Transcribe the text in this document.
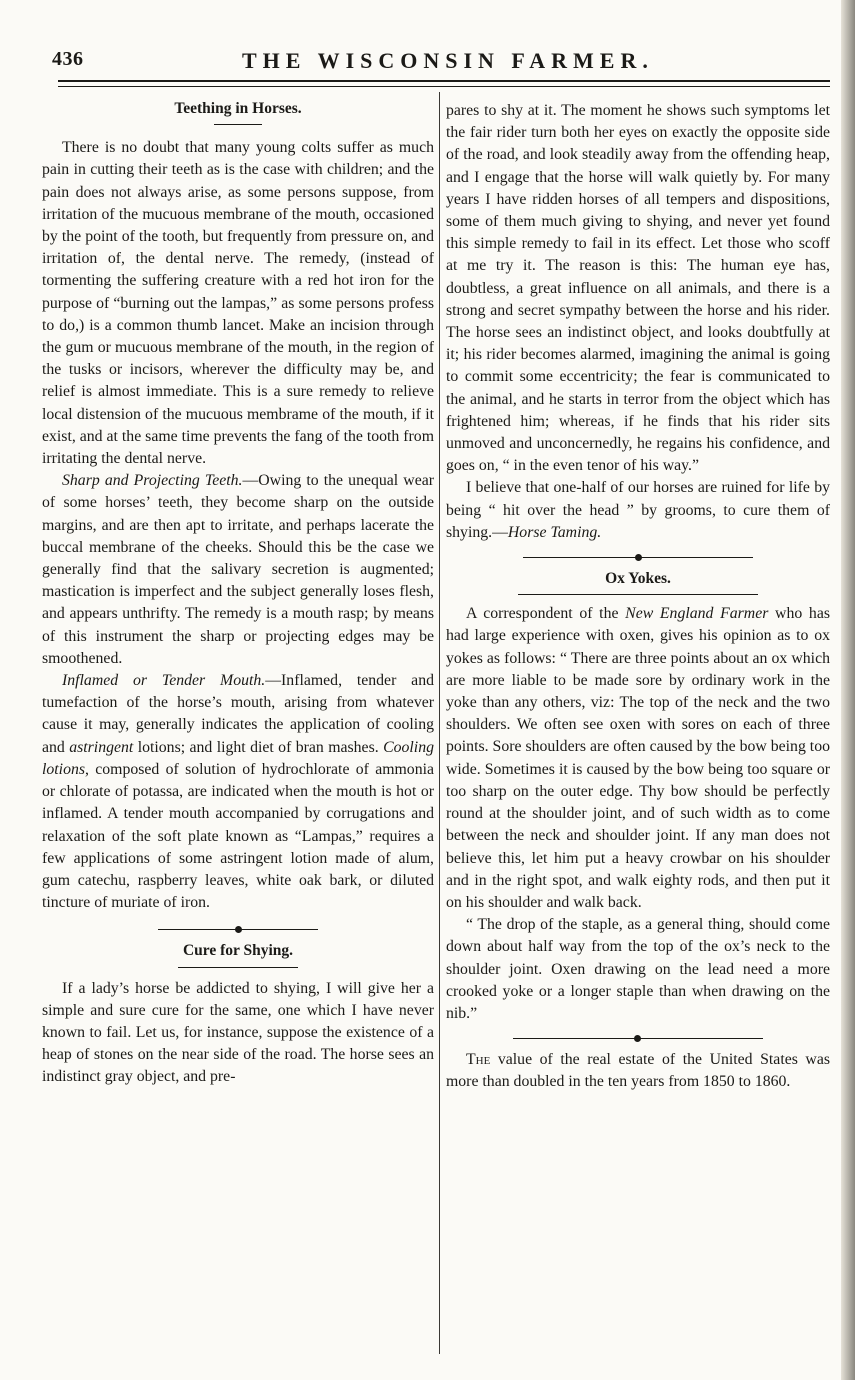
436	THE WISCONSIN FARMER.
Teething in Horses.

There is no doubt that many young colts suffer as much pain in cutting their teeth as is the case with children; and the pain does not always arise, as some persons suppose, from irritation of the mucuous membrane of the mouth, occasioned by the point of the tooth, but frequently from pressure on, and irritation of, the dental nerve. The remedy, (instead of tormenting the suffering creature with a red hot iron for the purpose of “burning out the lampas,” as some persons profess to do,) is a common thumb lancet. Make an incision through the gum or mucuous membrane of the mouth, in the region of the tusks or incisors, wherever the difficulty may be, and relief is almost immediate. This is a sure remedy to relieve local distension of the mucuous membrame of the mouth, if it exist, and at the same time prevents the fang of the tooth from irritating the dental nerve.

Sharp and Projecting Teeth.—Owing to the unequal wear of some horses’ teeth, they become sharp on the outside margins, and are then apt to irritate, and perhaps lacerate the buccal membrane of the cheeks. Should this be the case we generally find that the salivary secretion is augmented; mastication is imperfect and the subject generally loses flesh, and appears unthrifty. The remedy is a mouth rasp; by means of this instrument the sharp or projecting edges may be smoothened.

Inflamed or Tender Mouth.—Inflamed, tender and tumefaction of the horse’s mouth, arising from whatever cause it may, generally indicates the application of cooling and astringent lotions; and light diet of bran mashes. Cooling lotions, composed of solution of hydrochlorate of ammonia or chlorate of potassa, are indicated when the mouth is hot or inflamed. A tender mouth accompanied by corrugations and relaxation of the soft plate known as “Lampas,” requires a few applications of some astringent lotion made of alum, gum catechu, raspberry leaves, white oak bark, or diluted tincture of muriate of iron.

Cure for Shying.

If a lady’s horse be addicted to shying, I will give her a simple and sure cure for the same, one which I have never known to fail. Let us, for instance, suppose the existence of a heap of stones on the near side of the road. The horse sees an indistinct gray object, and pre-

pares to shy at it. The moment he shows such symptoms let the fair rider turn both her eyes on exactly the opposite side of the road, and look steadily away from the offending heap, and I engage that the horse will walk quietly by. For many years I have ridden horses of all tempers and dispositions, some of them much giving to shying, and never yet found this simple remedy to fail in its effect. Let those who scoff at me try it. The reason is this: The human eye has, doubtless, a great influence on all animals, and there is a strong and secret sympathy between the horse and his rider. The horse sees an indistinct object, and looks doubtfully at it; his rider becomes alarmed, imagining the animal is going to commit some eccentricity; the fear is communicated to the animal, and he starts in terror from the object which has frightened him; whereas, if he finds that his rider sits unmoved and unconcernedly, he regains his confidence, and goes on, “ in the even tenor of his way.”

I believe that one-half of our horses are ruined for life by being “ hit over the head ” by grooms, to cure them of shying.—Horse Taming.

Ox Yokes.

A correspondent of the New England Farmer who has had large experience with oxen, gives his opinion as to ox yokes as follows: “ There are three points about an ox which are more liable to be made sore by ordinary work in the yoke than any others, viz: The top of the neck and the two shoulders. We often see oxen with sores on each of three points. Sore shoulders are often caused by the bow being too wide. Sometimes it is caused by the bow being too square or too sharp on the outer edge. Thy bow should be perfectly round at the shoulder joint, and of such width as to come between the neck and shoulder joint. If any man does not believe this, let him put a heavy crowbar on his shoulder and in the right spot, and walk eighty rods, and then put it on his shoulder and walk back.

“ The drop of the staple, as a general thing, should come down about half way from the top of the ox’s neck to the shoulder joint. Oxen drawing on the lead need a more crooked yoke or a longer staple than when drawing on the nib.”

The value of the real estate of the United States was more than doubled in the ten years from 1850 to 1860.
